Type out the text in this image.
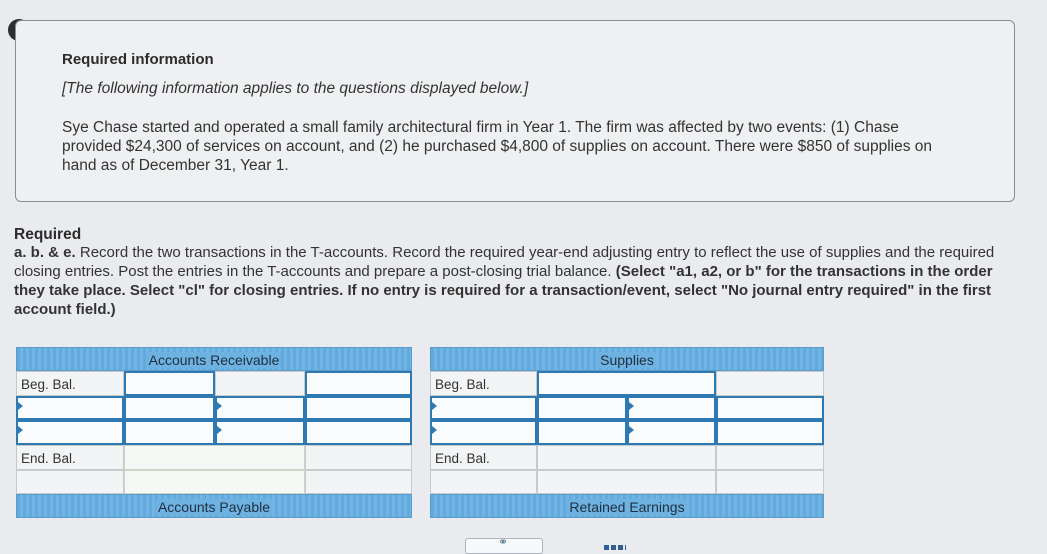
Required information
[The following information applies to the questions displayed below.]
Sye Chase started and operated a small family architectural firm in Year 1. The firm was affected by two events: (1) Chase provided $24,300 of services on account, and (2) he purchased $4,800 of supplies on account. There were $850 of supplies on hand as of December 31, Year 1.
Required
a. b. & e. Record the two transactions in the T-accounts. Record the required year-end adjusting entry to reflect the use of supplies and the required closing entries. Post the entries in the T-accounts and prepare a post-closing trial balance. (Select "a1, a2, or b" for the transactions in the order they take place. Select "cl" for closing entries. If no entry is required for a transaction/event, select "No journal entry required" in the first account field.)
Accounts Receivable
Beg. Bal.
End. Bal.
Accounts Payable
Supplies
Beg. Bal.
End. Bal.
Retained Earnings
⚭
